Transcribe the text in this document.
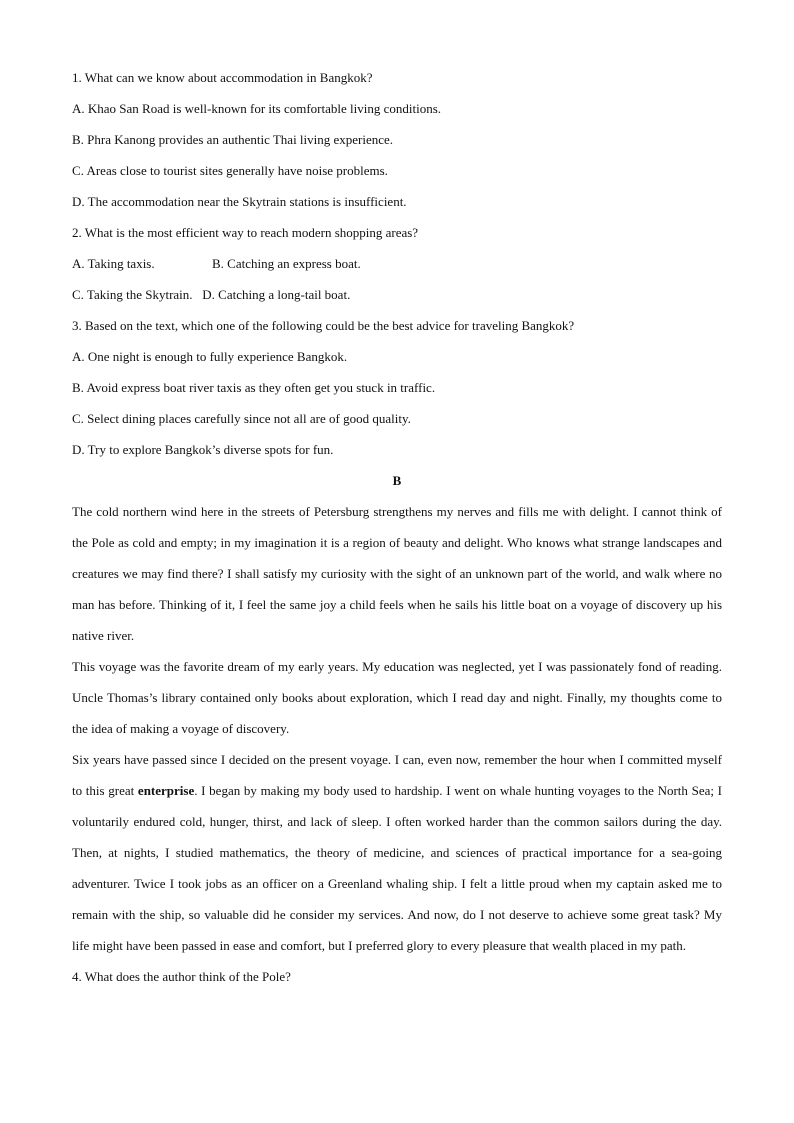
1. What can we know about accommodation in Bangkok?
A. Khao San Road is well-known for its comfortable living conditions.
B. Phra Kanong provides an authentic Thai living experience.
C. Areas close to tourist sites generally have noise problems.
D. The accommodation near the Skytrain stations is insufficient.
2. What is the most efficient way to reach modern shopping areas?
A. Taking taxis.	B. Catching an express boat.
C. Taking the Skytrain. D. Catching a long-tail boat.
3. Based on the text, which one of the following could be the best advice for traveling Bangkok?
A. One night is enough to fully experience Bangkok.
B. Avoid express boat river taxis as they often get you stuck in traffic.
C. Select dining places carefully since not all are of good quality.
D. Try to explore Bangkok’s diverse spots for fun.
B

The cold northern wind here in the streets of Petersburg strengthens my nerves and fills me with delight. I cannot think of the Pole as cold and empty; in my imagination it is a region of beauty and delight. Who knows what strange landscapes and creatures we may find there? I shall satisfy my curiosity with the sight of an unknown part of the world, and walk where no man has before. Thinking of it, I feel the same joy a child feels when he sails his little boat on a voyage of discovery up his native river.

This voyage was the favorite dream of my early years. My education was neglected, yet I was passionately fond of reading. Uncle Thomas’s library contained only books about exploration, which I read day and night. Finally, my thoughts come to the idea of making a voyage of discovery.

Six years have passed since I decided on the present voyage. I can, even now, remember the hour when I committed myself to this great enterprise. I began by making my body used to hardship. I went on whale hunting voyages to the North Sea; I voluntarily endured cold, hunger, thirst, and lack of sleep. I often worked harder than the common sailors during the day. Then, at nights, I studied mathematics, the theory of medicine, and sciences of practical importance for a sea-going adventurer. Twice I took jobs as an officer on a Greenland whaling ship. I felt a little proud when my captain asked me to remain with the ship, so valuable did he consider my services. And now, do I not deserve to achieve some great task? My life might have been passed in ease and comfort, but I preferred glory to every pleasure that wealth placed in my path.

4. What does the author think of the Pole?
